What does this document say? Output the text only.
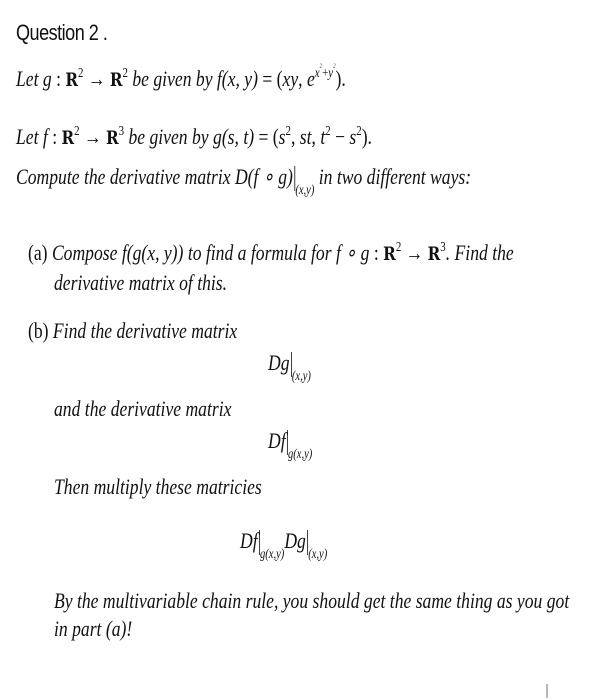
Question 2 .
Let g : $R^2 \to R^2$ be given by f(x, y) = (xy, $e^{x^2+y^2}$).
Let f : $R^2 \to R^3$ be given by g(s, $t) = (s^2$, st, $t^2 - s^2$).
Compute the derivative matrix D(f ∘ $g)_{(x,y)}$ in two different ways:
(a) Compose f(g(x, y)) to find a formula for f ∘ g : $R^2 \to R^3$. Find the
derivative matrix of this.
(b) Find the derivative matrix
$Dg_{(x,y)}$
and the derivative matrix
$Df_{g(x,y)}$
Then multiply these matricies
$Df_{g(x,y)}Dg_{(x,y)}$
By the multivariable chain rule, you should get the same thing as you got
in part (a)!
